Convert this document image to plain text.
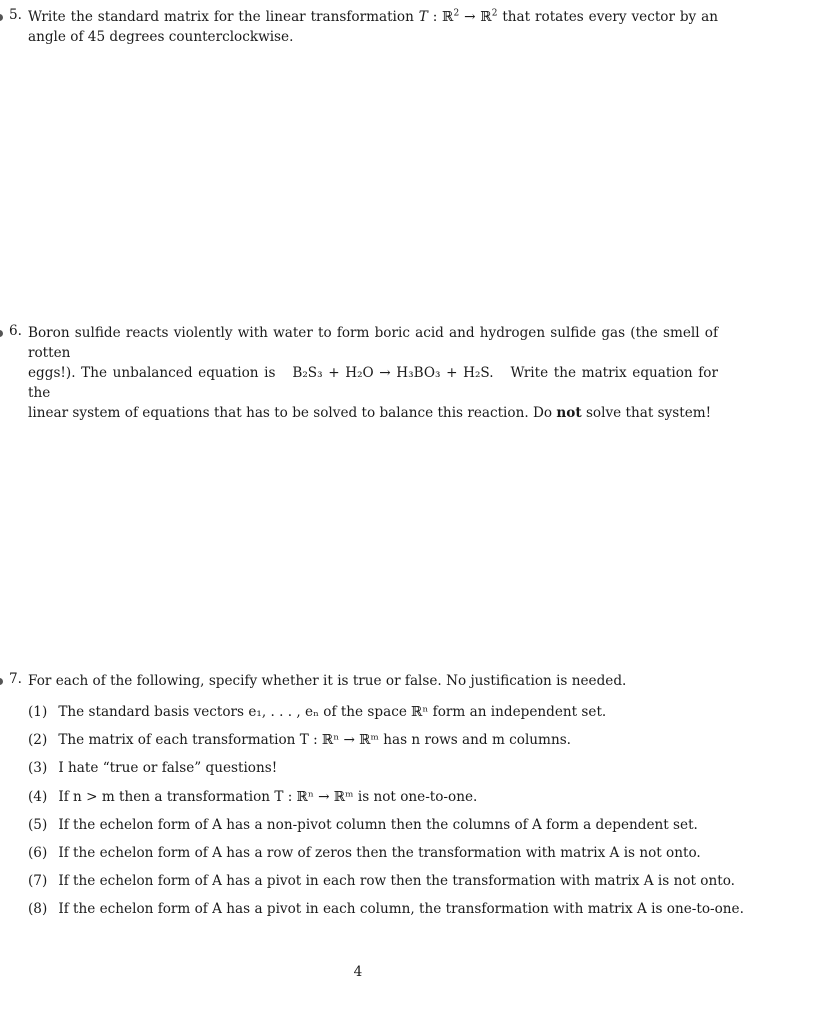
5. Write the standard matrix for the linear transformation T : ℝ$^2$ → ℝ$^2$ that rotates every vector by an
angle of 45 degrees counterclockwise.
6. Boron sulfide reacts violently with water to form boric acid and hydrogen sulfide gas (the smell of rotten
eggs!). The unbalanced equation is B₂S₃ + H₂O → H₃BO₃ + H₂S. Write the matrix equation for the
linear system of equations that has to be solved to balance this reaction. Do not solve that system!
7. For each of the following, specify whether it is true or false. No justification is needed.
(1) The standard basis vectors e₁, . . . , eₙ of the space ℝⁿ form an independent set.
(2) The matrix of each transformation T : ℝⁿ → ℝᵐ has n rows and m columns.
(3) I hate “true or false” questions!
(4) If n > m then a transformation T : ℝⁿ → ℝᵐ is not one-to-one.
(5) If the echelon form of A has a non-pivot column then the columns of A form a dependent set.
(6) If the echelon form of A has a row of zeros then the transformation with matrix A is not onto.
(7) If the echelon form of A has a pivot in each row then the transformation with matrix A is not onto.
(8) If the echelon form of A has a pivot in each column, the transformation with matrix A is one-to-one.
4
